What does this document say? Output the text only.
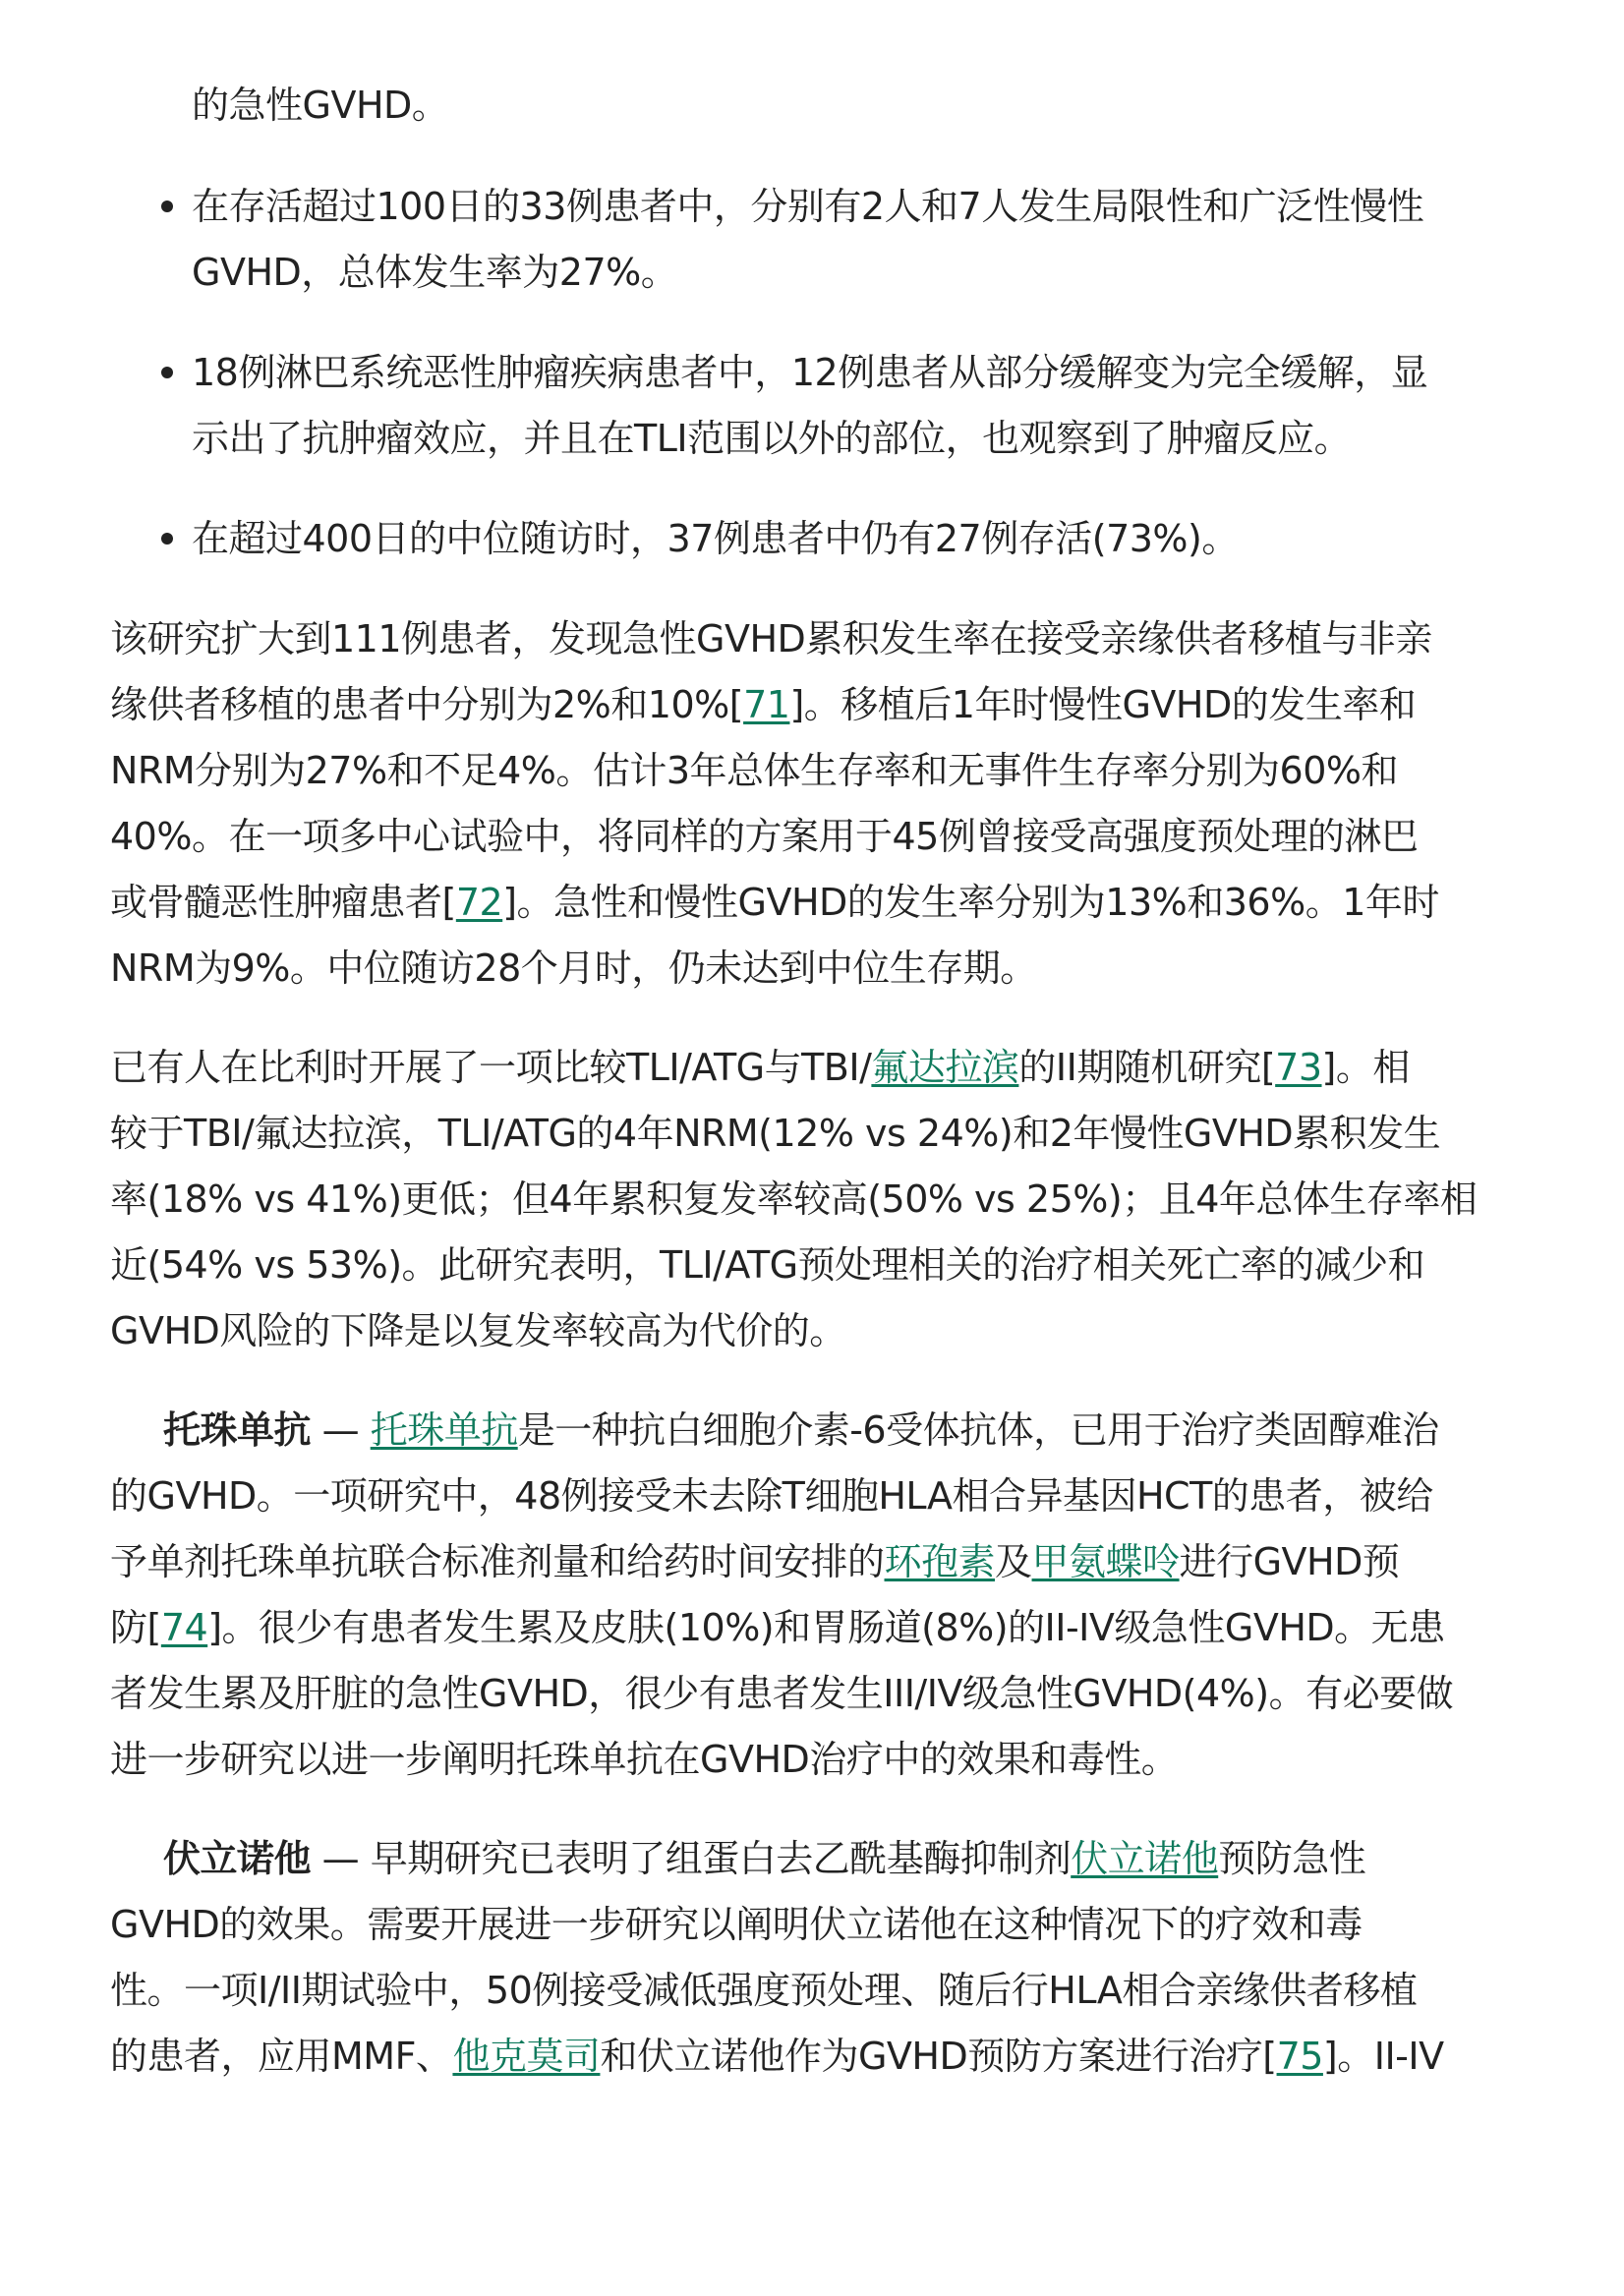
的急性GVHD。
在存活超过100日的33例患者中，分别有2人和7人发生局限性和广泛性慢性
GVHD，总体发生率为27%。
18例淋巴系统恶性肿瘤疾病患者中，12例患者从部分缓解变为完全缓解，显
示出了抗肿瘤效应，并且在TLI范围以外的部位，也观察到了肿瘤反应。
在超过400日的中位随访时，37例患者中仍有27例存活(73%)。
该研究扩大到111例患者，发现急性GVHD累积发生率在接受亲缘供者移植与非亲
缘供者移植的患者中分别为2%和10%[71]。移植后1年时慢性GVHD的发生率和
NRM分别为27%和不足4%。估计3年总体生存率和无事件生存率分别为60%和
40%。在一项多中心试验中，将同样的方案用于45例曾接受高强度预处理的淋巴
或骨髓恶性肿瘤患者[72]。急性和慢性GVHD的发生率分别为13%和36%。1年时
NRM为9%。中位随访28个月时，仍未达到中位生存期。
已有人在比利时开展了一项比较TLI/ATG与TBI/氟达拉滨的II期随机研究[73]。相
较于TBI/氟达拉滨，TLI/ATG的4年NRM(12% vs 24%)和2年慢性GVHD累积发生
率(18% vs 41%)更低；但4年累积复发率较高(50% vs 25%)；且4年总体生存率相
近(54% vs 53%)。此研究表明，TLI/ATG预处理相关的治疗相关死亡率的减少和
GVHD风险的下降是以复发率较高为代价的。
托珠单抗 — 托珠单抗是一种抗白细胞介素-6受体抗体，已用于治疗类固醇难治
的GVHD。一项研究中，48例接受未去除T细胞HLA相合异基因HCT的患者，被给
予单剂托珠单抗联合标准剂量和给药时间安排的环孢素及甲氨蝶呤进行GVHD预
防[74]。很少有患者发生累及皮肤(10%)和胃肠道(8%)的II-IV级急性GVHD。无患
者发生累及肝脏的急性GVHD，很少有患者发生III/IV级急性GVHD(4%)。有必要做
进一步研究以进一步阐明托珠单抗在GVHD治疗中的效果和毒性。
伏立诺他 — 早期研究已表明了组蛋白去乙酰基酶抑制剂伏立诺他预防急性
GVHD的效果。需要开展进一步研究以阐明伏立诺他在这种情况下的疗效和毒
性。一项I/II期试验中，50例接受减低强度预处理、随后行HLA相合亲缘供者移植
的患者，应用MMF、他克莫司和伏立诺他作为GVHD预防方案进行治疗[75]。II-IV
